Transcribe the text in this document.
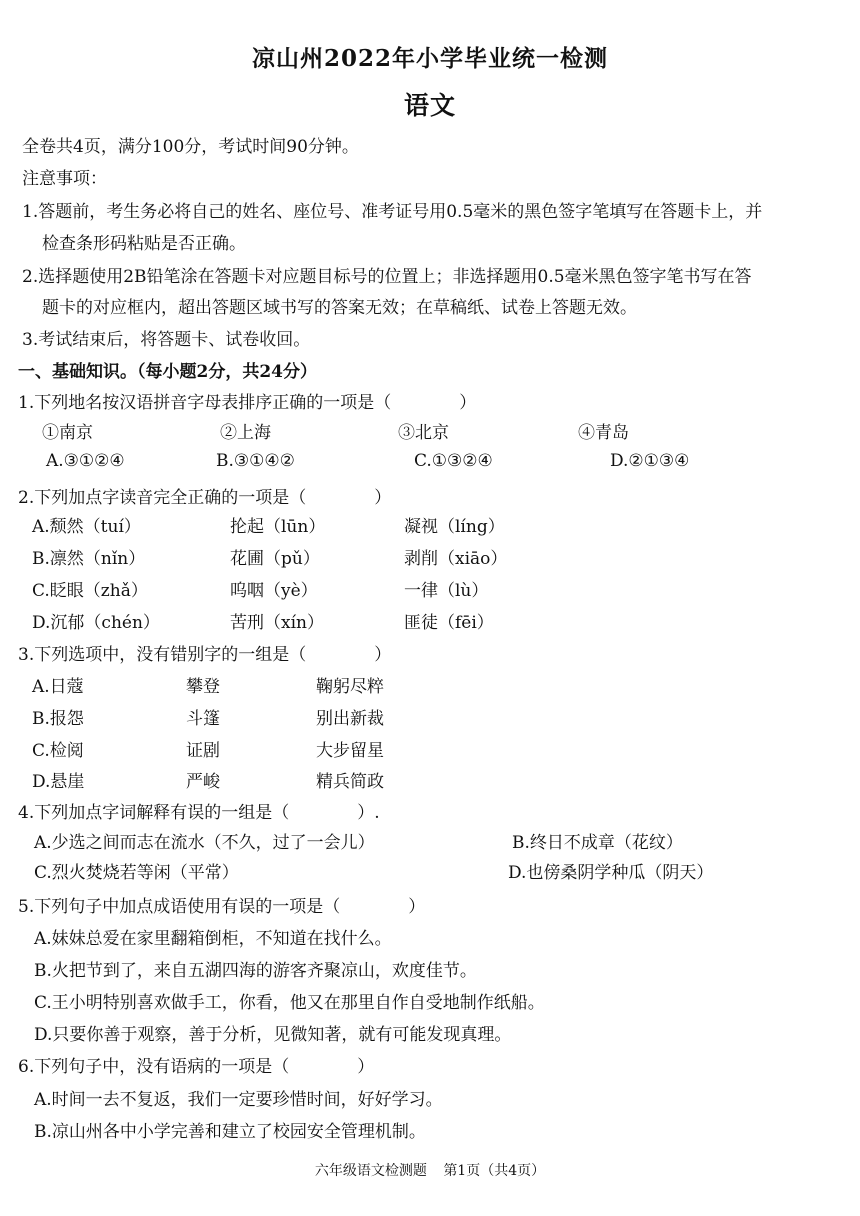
凉山州2022年小学毕业统一检测
语文
全卷共4页，满分100分，考试时间90分钟。
注意事项：
1.答题前，考生务必将自己的姓名、座位号、准考证号用0.5毫米的黑色签字笔填写在答题卡上，并
检查条形码粘贴是否正确。
2.选择题使用2B铅笔涂在答题卡对应题目标号的位置上；非选择题用0.5毫米黑色签字笔书写在答
题卡的对应框内，超出答题区域书写的答案无效；在草稿纸、试卷上答题无效。
3.考试结束后，将答题卡、试卷收回。
一、基础知识。（每小题2分，共24分）
1.下列地名按汉语拼音字母表排序正确的一项是（　　　　）
①南京	②上海	③北京	④青岛
A.③①②④	B.③①④②	C.①③②④	D.②①③④
2.下列加点字读音完全正确的一项是（　　　　）
A.颓然（tuí）	抡起（lūn）	凝视（líng）
B.凛然（nǐn）	花圃（pǔ）	剥削（xiāo）
C.眨眼（zhǎ）	呜咽（yè）	一律（lù）
D.沉郁（chén）	苦刑（xín）	匪徒（fēi）
3.下列选项中，没有错别字的一组是（　　　　）
A.日蔻	攀登	鞠躬尽粹
B.报怨	斗篷	别出新裁
C.检阅	证剧	大步留星
D.悬崖	严峻	精兵简政
4.下列加点字词解释有误的一组是（　　　　）.
A.少选之间而志在流水（不久，过了一会儿）	B.终日不成章（花纹）
C.烈火焚烧若等闲（平常）	D.也傍桑阴学种瓜（阴天）
5.下列句子中加点成语使用有误的一项是（　　　　）
A.妹妹总爱在家里翻箱倒柜，不知道在找什么。
B.火把节到了，来自五湖四海的游客齐聚凉山，欢度佳节。
C.王小明特别喜欢做手工，你看，他又在那里自作自受地制作纸船。
D.只要你善于观察，善于分析，见微知著，就有可能发现真理。
6.下列句子中，没有语病的一项是（　　　　）
A.时间一去不复返，我们一定要珍惜时间，好好学习。
B.凉山州各中小学完善和建立了校园安全管理机制。
六年级语文检测题 第1页（共4页）
